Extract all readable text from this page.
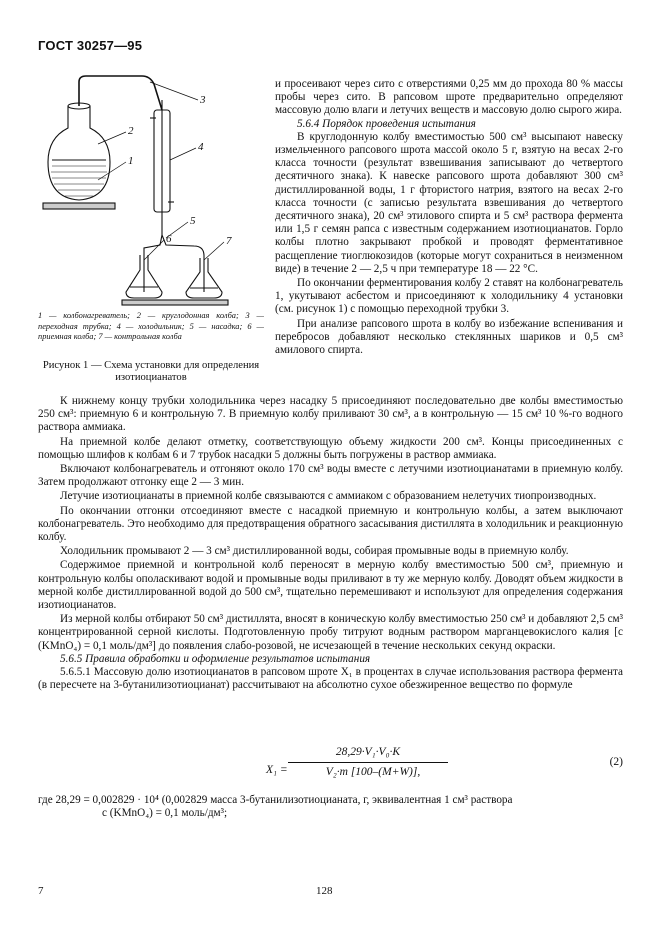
ГОСТ 30257—95
2
1
3
4
5
6	7
1 — колбонагреватель; 2 — круглодонная колба; 3 — переходная трубка; 4 — холодильник; 5 — насадка; 6 — приемная колба; 7 — контрольная колба
Рисунок 1 — Схема установки для определения изотиоцианатов

и просеивают через сито с отверстиями 0,25 мм до прохода 80 % массы пробы через сито. В рапсовом шроте предварительно определяют массовую долю влаги и летучих веществ и массовую долю сырого жира.

5.6.4 Порядок проведения испытания

В круглодонную колбу вместимостью 500 см³ высыпают навеску измельченного рапсового шрота массой около 5 г, взятую на весах 2-го класса точности (результат взвешивания записывают до четвертого десятичного знака). К навеске рапсового шрота добавляют 300 см³ дистиллированной воды, 1 г фтористого натрия, взятого на весах 2-го класса точности (с записью результата взвешивания до четвертого десятичного знака), 20 см³ этилового спирта и 5 см³ раствора фермента или 1,5 г семян рапса с известным содержанием изотиоцианатов. Горло колбы плотно закрывают пробкой и проводят ферментативное расщепление тиоглюкозидов (которые могут сохраниться в неизменном виде) в течение 2 — 2,5 ч при температуре 18 — 22 °С.

По окончании ферментирования колбу 2 ставят на колбонагреватель 1, укутывают асбестом и присоединяют к холодильнику 4 установки (см. рисунок 1) с помощью переходной трубки 3.

При анализе рапсового шрота в колбу во избежание вспенивания и перебросов добавляют несколько стеклянных шариков и 0,5 см³ амилового спирта.

К нижнему концу трубки холодильника через насадку 5 присоединяют последовательно две колбы вместимостью 250 см³: приемную 6 и контрольную 7. В приемную колбу приливают 30 см³, а в контрольную — 15 см³ 10 %-го водного раствора аммиака.

На приемной колбе делают отметку, соответствующую объему жидкости 200 см³. Концы присоединенных с помощью шлифов к колбам 6 и 7 трубок насадки 5 должны быть погружены в раствор аммиака.

Включают колбонагреватель и отгоняют около 170 см³ воды вместе с летучими изотиоцианатами в приемную колбу. Затем продолжают отгонку еще 2 — 3 мин.

Летучие изотиоцианаты в приемной колбе связываются с аммиаком с образованием нелетучих тиопроизводных.

По окончании отгонки отсоединяют вместе с насадкой приемную и контрольную колбы, а затем выключают колбонагреватель. Это необходимо для предотвращения обратного засасывания дистиллята в холодильник и реакционную колбу.

Холодильник промывают 2 — 3 см³ дистиллированной воды, собирая промывные воды в приемную колбу.

Содержимое приемной и контрольной колб переносят в мерную колбу вместимостью 500 см³, приемную и контрольную колбы ополаскивают водой и промывные воды приливают в ту же мерную колбу. Доводят объем жидкости в мерной колбе дистиллированной водой до 500 см³, тщательно перемешивают и используют для определения содержания изотиоцианатов.

Из мерной колбы отбирают 50 см³ дистиллята, вносят в коническую колбу вместимостью 250 см³ и добавляют 2,5 см³ концентрированной серной кислоты. Подготовленную пробу титруют водным раствором марганцевокислого калия [c (KMnO₄) = 0,1 моль/дм³] до появления слабо-розовой, не исчезающей в течение нескольких секунд окраски.

5.6.5 Правила обработки и оформление результатов испытания

5.6.5.1 Массовую долю изотиоцианатов в рапсовом шроте X₁ в процентах в случае использования раствора фермента (в пересчете на 3-бутанилизотиоцианат) рассчитывают на абсолютно сухое обезжиренное вещество по формуле

X₁ =
28,29·V₁·V₀·K
V₂·m [100–(M+W)],
(2)
где 28,29 = 0,002829 · 10⁴ (0,002829 масса 3-бутанилизотиоцианата, г, эквивалентная 1 см³ раствора
c (KMnO₄) = 0,1 моль/дм³;
7	128
